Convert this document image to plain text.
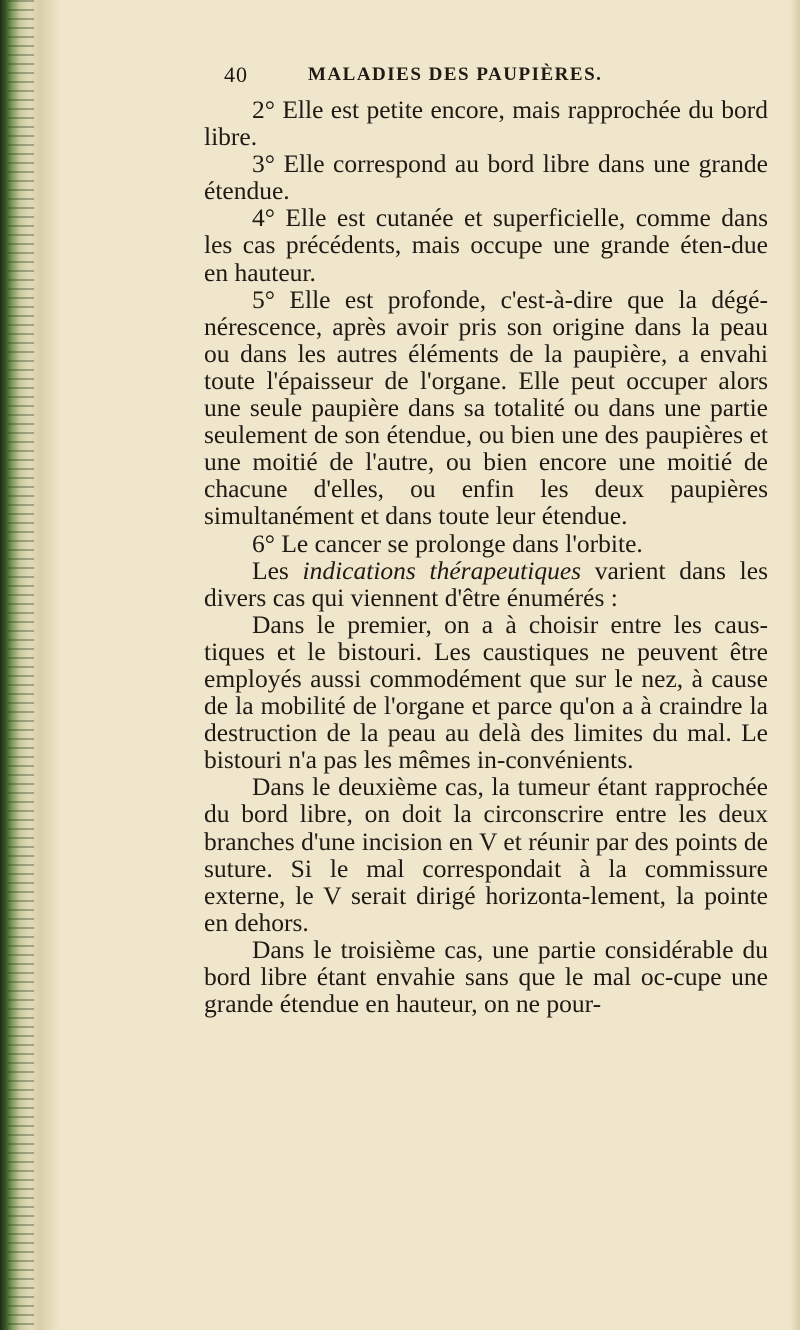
40	MALADIES DES PAUPIÈRES.

2° Elle est petite encore, mais rapprochée du bord libre.

3° Elle correspond au bord libre dans une grande étendue.

4° Elle est cutanée et superficielle, comme dans les cas précédents, mais occupe une grande éten-due en hauteur.

5° Elle est profonde, c'est-à-dire que la dégé-nérescence, après avoir pris son origine dans la peau ou dans les autres éléments de la paupière, a envahi toute l'épaisseur de l'organe. Elle peut occuper alors une seule paupière dans sa totalité ou dans une partie seulement de son étendue, ou bien une des paupières et une moitié de l'autre, ou bien encore une moitié de chacune d'elles, ou enfin les deux paupières simultanément et dans toute leur étendue.

6° Le cancer se prolonge dans l'orbite.

Les indications thérapeutiques varient dans les divers cas qui viennent d'être énumérés :

Dans le premier, on a à choisir entre les caus-tiques et le bistouri. Les caustiques ne peuvent être employés aussi commodément que sur le nez, à cause de la mobilité de l'organe et parce qu'on a à craindre la destruction de la peau au delà des limites du mal. Le bistouri n'a pas les mêmes in-convénients.

Dans le deuxième cas, la tumeur étant rapprochée du bord libre, on doit la circonscrire entre les deux branches d'une incision en V et réunir par des points de suture. Si le mal correspondait à la commissure externe, le V serait dirigé horizonta-lement, la pointe en dehors.

Dans le troisième cas, une partie considérable du bord libre étant envahie sans que le mal oc-cupe une grande étendue en hauteur, on ne pour-
